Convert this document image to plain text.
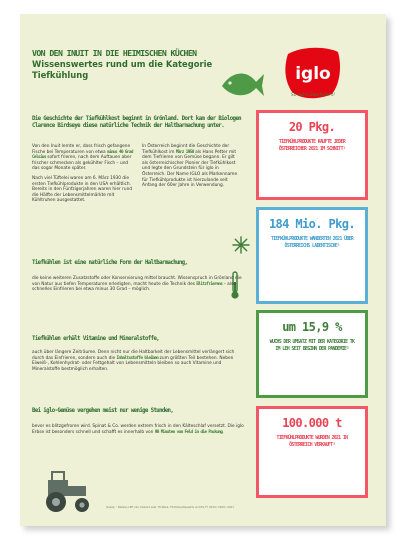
VON DEN INUIT IN DIE HEIMISCHEN KÜCHEN
Wissenswertes rund um die Kategorie Tiefkühlung	iglo
So wie's Geschickt's!
Die Geschichte der Tiefkühlkost beginnt in Grönland. Dort kam der Biologen Clarence Birdseye diese natürliche Technik der Haltbarmachung unter.
Von den Inuit lernte er, dass frisch gefangene Fische bei Temperaturen von etwa minus 40 Grad Celsius sofort frieren, nach dem Auftauen aber frischer schmecken als gekühlter Fisch – und das sogar Monate später.
Nach viel Tüftelei waren am 6. März 1930 die ersten Tiefkühlprodukte in den USA erhältlich. Bereits in den Fünfzigerjahren waren hier rund die Hälfte der Lebensmittelmärkte mit Kühltruhen ausgestattet.
In Österreich beginnt die Geschichte der Tiefkühlkost im März 1950 als Hans Petter mit dem Tiefrieren von Gemüse begann. Er gilt als österreichischer Pionier der Tiefkühlkost und legte den Grundstein für iglo in Österreich. Der Name IGLO als Markenname für Tiefkühlprodukte ist hierzulande seit Anfang der 60er Jahre in Verwendung.
Tiefkühlen ist eine natürliche Form der Haltbarmachung,
die keine weiteren Zusatzstoffe oder Konservierung mittel braucht. Wissenspruch in Grönland die von Natur aus tiefen Temperaturen erledigten, macht heute die Technik des Blitzfrierens – also schnelles Einfrieren bei etwa minus 30 Grad – möglich.
Tiefkühlen erhält Vitamine und Mineralstoffe,
auch über längere Zeiträume. Denn nicht nur die Haltbarkeit der Lebensmittel verlängert sich durch das Einfrieren, sondern auch die Inhaltsstoffe bleiben zum größten Teil bestehen. Neben Eiweiß-, Kohlenhydrat- oder Fettgehalt von Lebensmitteln bleiben so auch Vitamine und Mineralstoffe bestmöglich erhalten.
Bei iglo-Gemüse vergehen meist nur wenige Stunden,
bevor es blitzgefroren wird. Spinat & Co. werden extrem frisch in den Kälteschlaf versetzt. Die iglo Erbse ist besonders schnell und schafft es innerhalb von 90 Minuten vom Feld in die Packung.
Quelle: ¹ Nielsen LEH inkl. Diskont exkl. TK-Pizza, TK-Torten/Desserts und Eis FY 2019 / 2020 / 2021
20 Pkg.
TIEFKÜHLPRODUKTE KAUFTE JEDER ÖSTERREICHER 2021 IM SCHNITT¹
184 Mio. Pkg.
TIEFKÜHLPRODUKTE WANDERTEN 2021 ÜBER ÖSTERREICHS LADENTISCHE¹
um 15,9 %
WUCHS DER UMSATZ MIT DER KATEGORIE TK IM LEH SEIT BEGINN DER PANDEMIE²
100.000 t
TIEFKÜHLPRODUKTE WURDEN 2021 IN ÖSTERREICH VERKAUFT³
